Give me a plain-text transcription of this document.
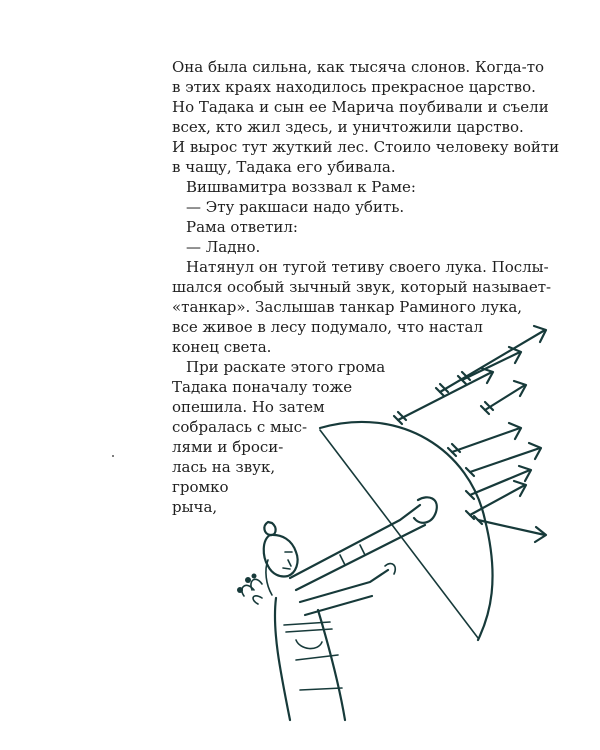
Она была сильна, как тысяча слонов. Когда-то
в этих краях находилось прекрасное царство.
Но Тадака и сын ее Марича поубивали и съели
всех, кто жил здесь, и уничтожили царство.
И вырос тут жуткий лес. Стоило человеку войти
в чащу, Тадака его убивала.
Вишвамитра воззвал к Раме:
— Эту ракшаси надо убить.
Рама ответил:
— Ладно.
Натянул он тугой тетиву своего лука. Послы-
шался особый зычный звук, который называет-
«танкар». Заслышав танкар Раминого лука,
все живое в лесу подумало, что настал
конец света.
При раскате этого грома
Тадака поначалу тоже
опешила. Но затем
собралась с мыс-
лями и броси-
лась на звук,
громко
рыча,
